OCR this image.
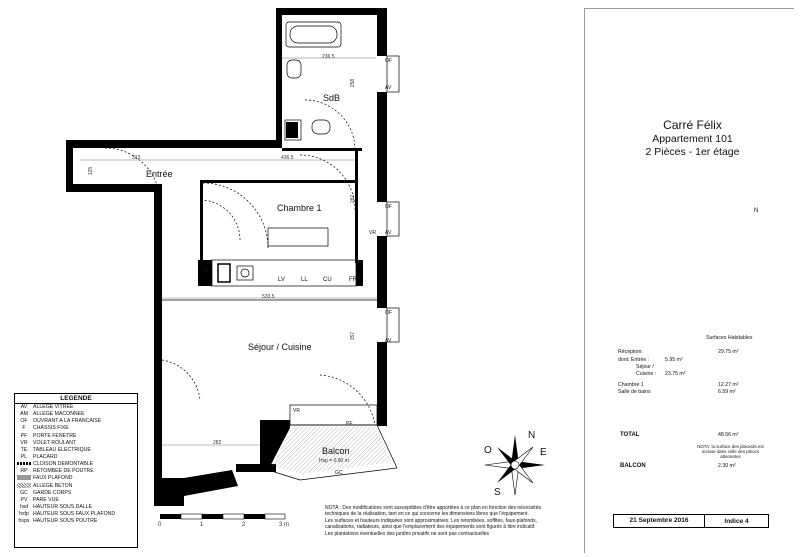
N
SdB
Entrée
Chambre 1
Séjour / Cuisine
Balcon
Hsp = 0.90 m
236.5
258
313	436.5
125
282
533.5
357
282
OF
AV
OF
VR AV
OF
AV
TE
LV	LL	CU	FR
VR
PF
GC
N
E
O
S
0	1	2	3 m
Carré Félix
Appartement 101
2 Pièces - 1er étage
Surfaces Habitables
Réception:	29.75 m²
dont: Entrée :	5.95 m²
Séjour /
Cuisine : 23.75 m²
Chambre 1	12.27 m²
Salle de bains	6.59 m²
TOTAL	48.56 m²
NOTA: la surface des placards est incluse dans celle des pièces attenantes
BALCON	2.30 m²
LEGENDE
AV	ALLEGE VITREE
AM ALLEGE MACONNEE
OF	OUVRANT A LA FRANCAISE
F	CHASSIS FIXE
PF	PORTE FENÊTRE
VR	VOLET ROULANT
TE	TABLEAU ELECTRIQUE
PL	PLACARD
CLOISON DEMONTABLE
RP	RETOMBEE DE POUTRE
FAUX PLAFOND
ALLEGE BETON
GC GARDE CORPS
PV	PARE VUE
hsd HAUTEUR SOUS DALLE
hsfp HAUTEUR SOUS FAUX PLAFOND
hsps HAUTEUR SOUS POUTRE
NOTA : Des modifications sont susceptibles d'être apportées à ce plan en fonction des nécessités
techniques de la réalisation, tant en ce qui concerne les dimensions libres que l'équipement.
Les surfaces et hauteurs indiquées sont approximatives. Les retombées, soffites, faux-plafonds,
canalisations, radiateurs, ainsi que l'emplacement des équipements sont figurés à titre indicatif.
Les plantations éventuelles des jardins privatifs ne sont pas contractuelles
21 Septembre 2016	Indice 4
